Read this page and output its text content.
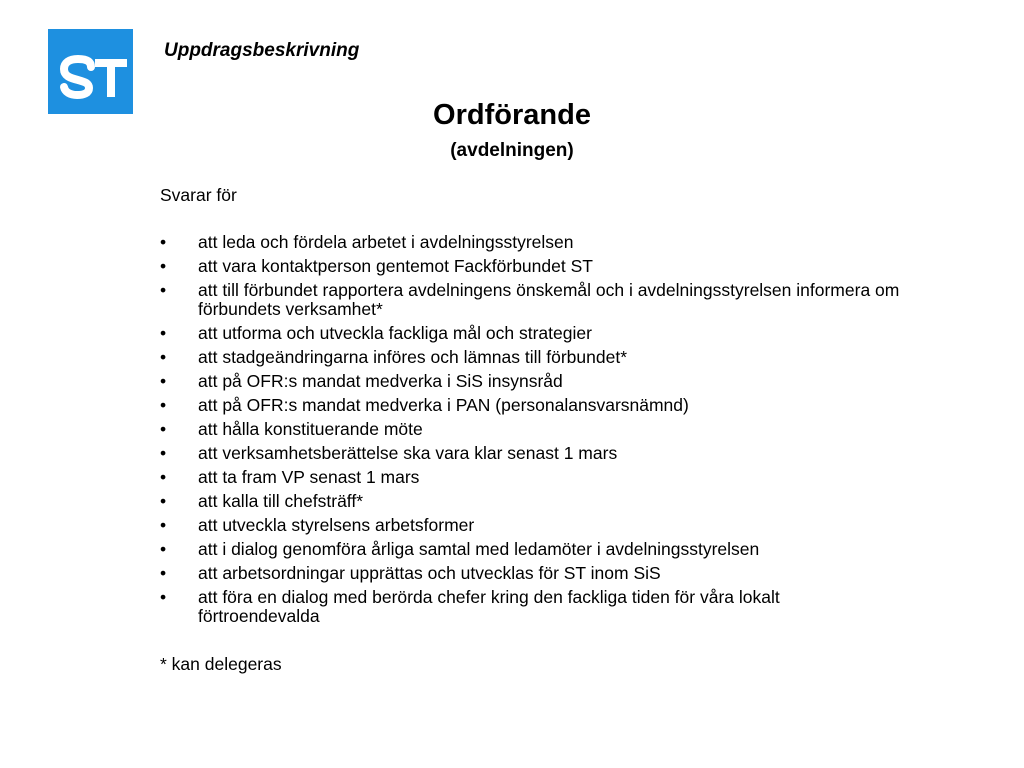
Uppdragsbeskrivning
Ordförande
(avdelningen)
Svarar för
• att leda och fördela arbetet i avdelningsstyrelsen
• att vara kontaktperson gentemot Fackförbundet ST
• att till förbundet rapportera avdelningens önskemål och i avdelningsstyrelsen informera om förbundets verksamhet*
• att utforma och utveckla fackliga mål och strategier
• att stadgeändringarna införes och lämnas till förbundet*
• att på OFR:s mandat medverka i SiS insynsråd
• att på OFR:s mandat medverka i PAN (personalansvarsnämnd)
• att hålla konstituerande möte
• att verksamhetsberättelse ska vara klar senast 1 mars
• att ta fram VP senast 1 mars
• att kalla till chefsträff*
• att utveckla styrelsens arbetsformer
• att i dialog genomföra årliga samtal med ledamöter i avdelningsstyrelsen
• att arbetsordningar upprättas och utvecklas för ST inom SiS
• att föra en dialog med berörda chefer kring den fackliga tiden för våra lokalt förtroendevalda
* kan delegeras
